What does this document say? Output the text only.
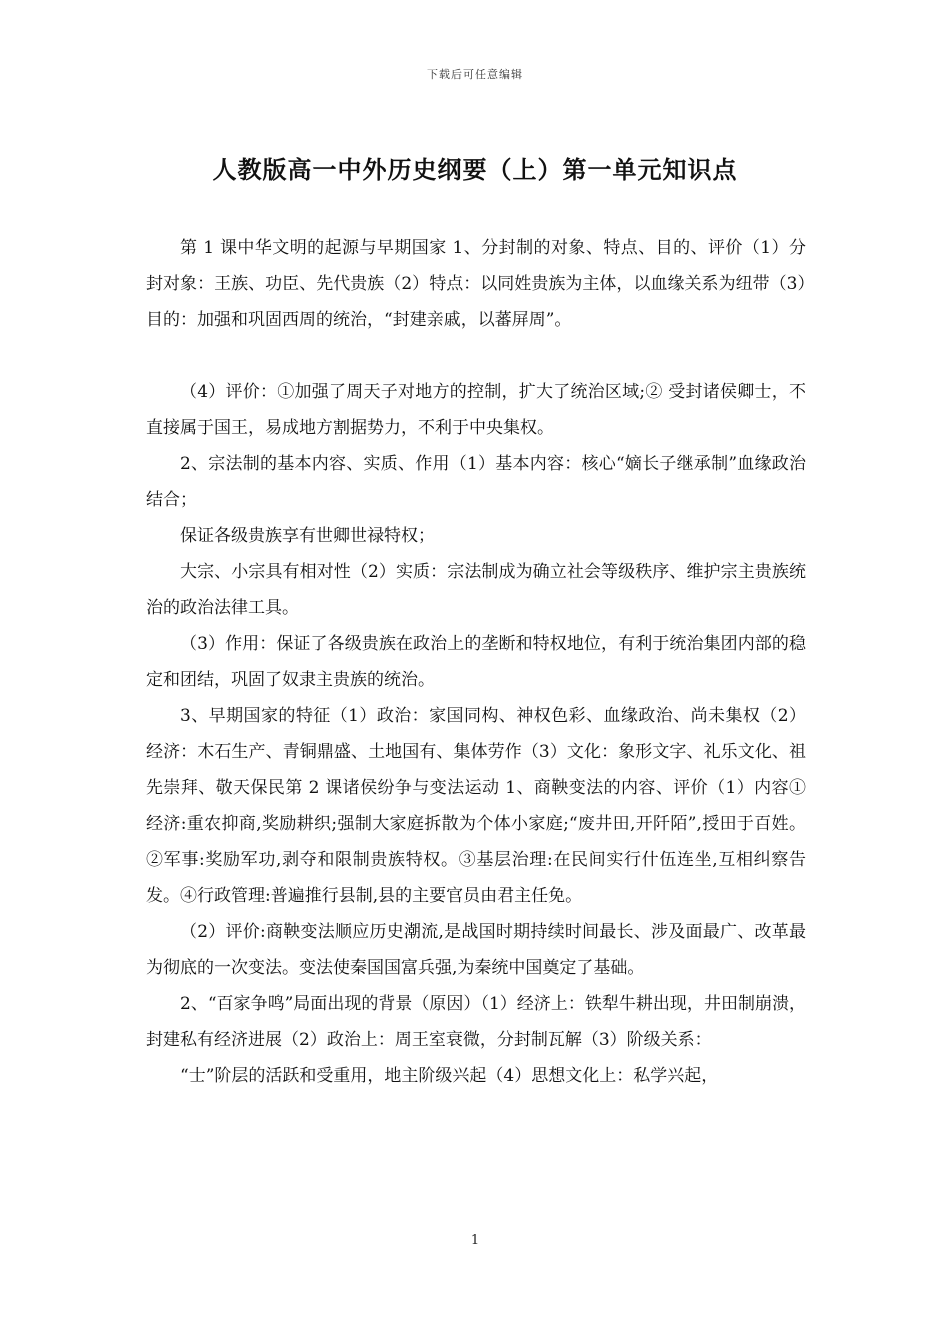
下载后可任意编辑
人教版高一中外历史纲要（上）第一单元知识点

第 1 课中华文明的起源与早期国家 1、分封制的对象、特点、目的、评价（1）分封对象：王族、功臣、先代贵族（2）特点：以同姓贵族为主体，以血缘关系为纽带（3）目的：加强和巩固西周的统治，“封建亲戚，以蕃屏周”。

（4）评价：①加强了周天子对地方的控制，扩大了统治区域;② 受封诸侯卿士，不直接属于国王，易成地方割据势力，不利于中央集权。

2、宗法制的基本内容、实质、作用（1）基本内容：核心“嫡长子继承制”血缘政治结合；

保证各级贵族享有世卿世禄特权；

大宗、小宗具有相对性（2）实质：宗法制成为确立社会等级秩序、维护宗主贵族统治的政治法律工具。

（3）作用：保证了各级贵族在政治上的垄断和特权地位，有利于统治集团内部的稳定和团结，巩固了奴隶主贵族的统治。

3、早期国家的特征（1）政治：家国同构、神权色彩、血缘政治、尚未集权（2）经济：木石生产、青铜鼎盛、土地国有、集体劳作（3）文化：象形文字、礼乐文化、祖先崇拜、敬天保民第 2 课诸侯纷争与变法运动 1、商鞅变法的内容、评价（1）内容①经济:重农抑商,奖励耕织;强制大家庭拆散为个体小家庭;“废井田,开阡陌”,授田于百姓。②军事:奖励军功,剥夺和限制贵族特权。③基层治理:在民间实行什伍连坐,互相纠察告发。④行政管理:普遍推行县制,县的主要官员由君主任免。

（2）评价:商鞅变法顺应历史潮流,是战国时期持续时间最长、涉及面最广、改革最为彻底的一次变法。变法使秦国国富兵强,为秦统中国奠定了基础。

2、“百家争鸣”局面出现的背景（原因）（1）经济上：铁犁牛耕出现，井田制崩溃，封建私有经济进展（2）政治上：周王室衰微，分封制瓦解（3）阶级关系：

“士”阶层的活跃和受重用，地主阶级兴起（4）思想文化上：私学兴起，

1
